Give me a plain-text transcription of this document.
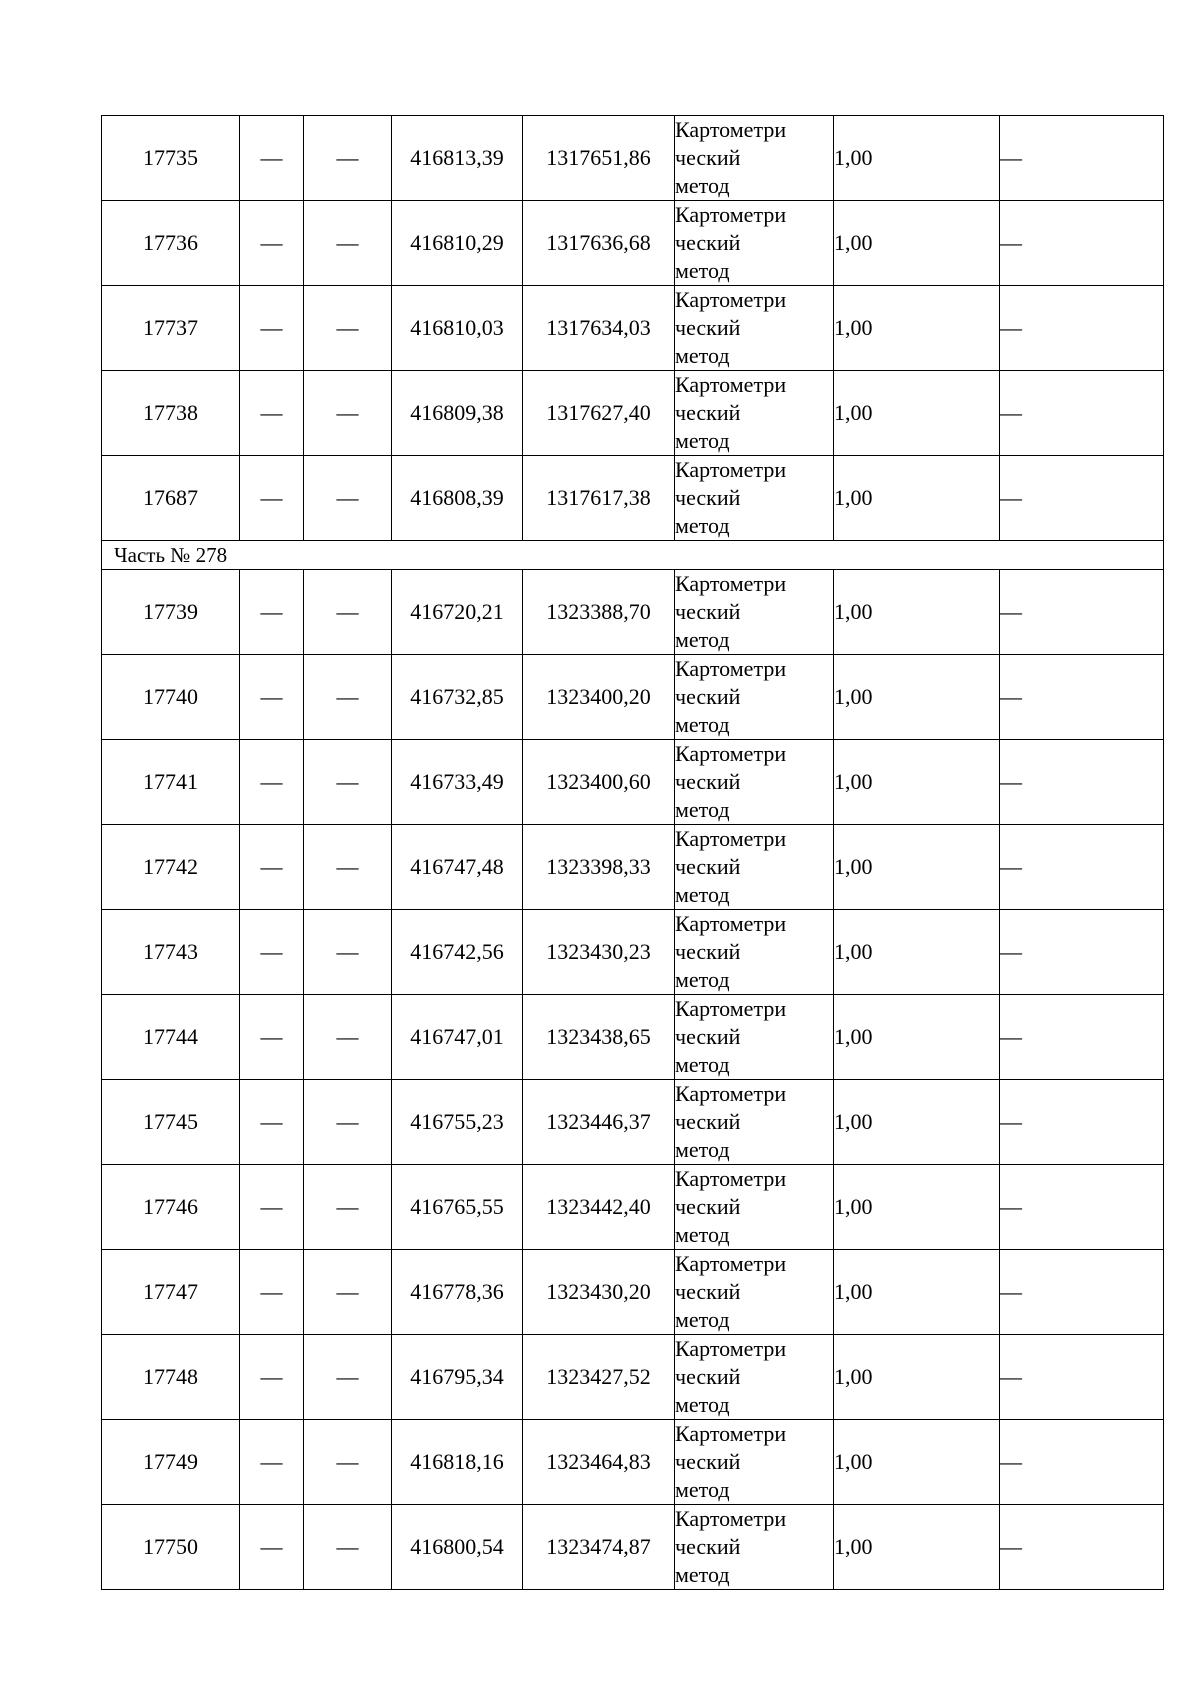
17735	—	—	416813,39	1317651,86	Картометри
ческий
метод	1,00	—
17736	—	—	416810,29	1317636,68	Картометри
ческий
метод	1,00	—
17737	—	—	416810,03	1317634,03	Картометри
ческий
метод	1,00	—
17738	—	—	416809,38	1317627,40	Картометри
ческий
метод	1,00	—
17687	—	—	416808,39	1317617,38	Картометри
ческий
метод	1,00	—
Часть № 278							
17739	—	—	416720,21	1323388,70	Картометри
ческий
метод	1,00	—
17740	—	—	416732,85	1323400,20	Картометри
ческий
метод	1,00	—
17741	—	—	416733,49	1323400,60	Картометри
ческий
метод	1,00	—
17742	—	—	416747,48	1323398,33	Картометри
ческий
метод	1,00	—
17743	—	—	416742,56	1323430,23	Картометри
ческий
метод	1,00	—
17744	—	—	416747,01	1323438,65	Картометри
ческий
метод	1,00	—
17745	—	—	416755,23	1323446,37	Картометри
ческий
метод	1,00	—
17746	—	—	416765,55	1323442,40	Картометри
ческий
метод	1,00	—
17747	—	—	416778,36	1323430,20	Картометри
ческий
метод	1,00	—
17748	—	—	416795,34	1323427,52	Картометри
ческий
метод	1,00	—
17749	—	—	416818,16	1323464,83	Картометри
ческий
метод	1,00	—
17750	—	—	416800,54	1323474,87	Картометри
ческий
метод	1,00	—
